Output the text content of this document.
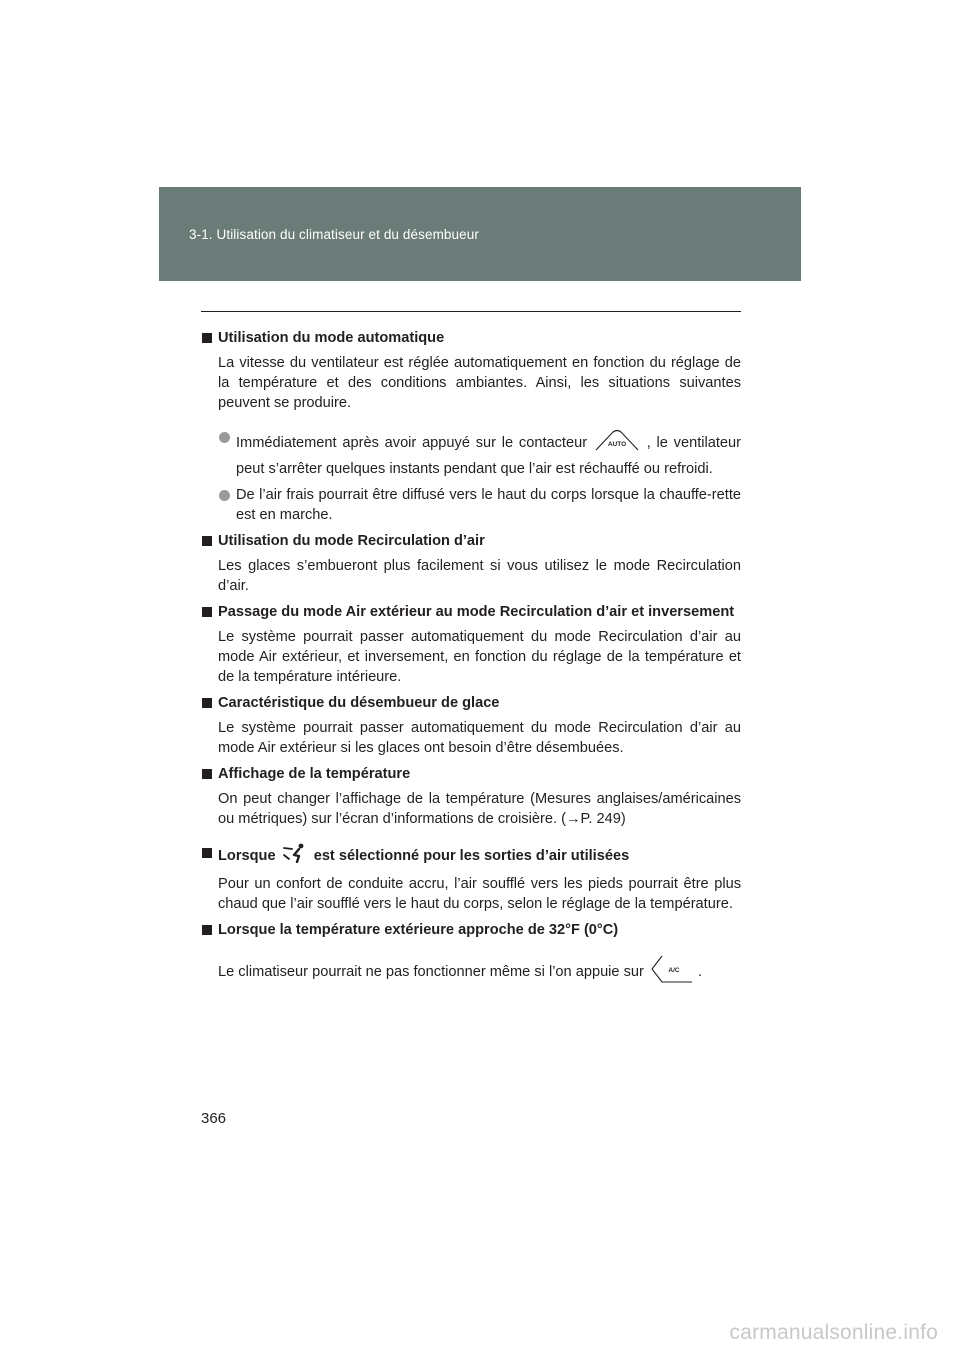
3-1. Utilisation du climatiseur et du désembueur
Utilisation du mode automatique
La vitesse du ventilateur est réglée automatiquement en fonction du réglage de la température et des conditions ambiantes. Ainsi, les situations suivantes peuvent se produire.
Immédiatement après avoir appuyé sur le contacteur	AUTO , le ventilateur peut s’arrêter quelques instants pendant que l’air est réchauffé ou refroidi.
De l’air frais pourrait être diffusé vers le haut du corps lorsque la chauffe-rette est en marche.
Utilisation du mode Recirculation d’air
Les glaces s’embueront plus facilement si vous utilisez le mode Recirculation d’air.
Passage du mode Air extérieur au mode Recirculation d’air et inversement
Le système pourrait passer automatiquement du mode Recirculation d’air au mode Air extérieur, et inversement, en fonction du réglage de la température et de la température intérieure.
Caractéristique du désembueur de glace
Le système pourrait passer automatiquement du mode Recirculation d’air au mode Air extérieur si les glaces ont besoin d’être désembuées.
Affichage de la température
On peut changer l’affichage de la température (Mesures anglaises/américaines ou métriques) sur l’écran d’informations de croisière. (→P. 249)
Lorsque	est sélectionné pour les sorties d’air utilisées
Pour un confort de conduite accru, l’air soufflé vers les pieds pourrait être plus chaud que l’air soufflé vers le haut du corps, selon le réglage de la température.
Lorsque la température extérieure approche de 32°F (0°C)
Le climatiseur pourrait ne pas fonctionner même si l’on appuie sur	A/C .
366
carmanualsonline.info
